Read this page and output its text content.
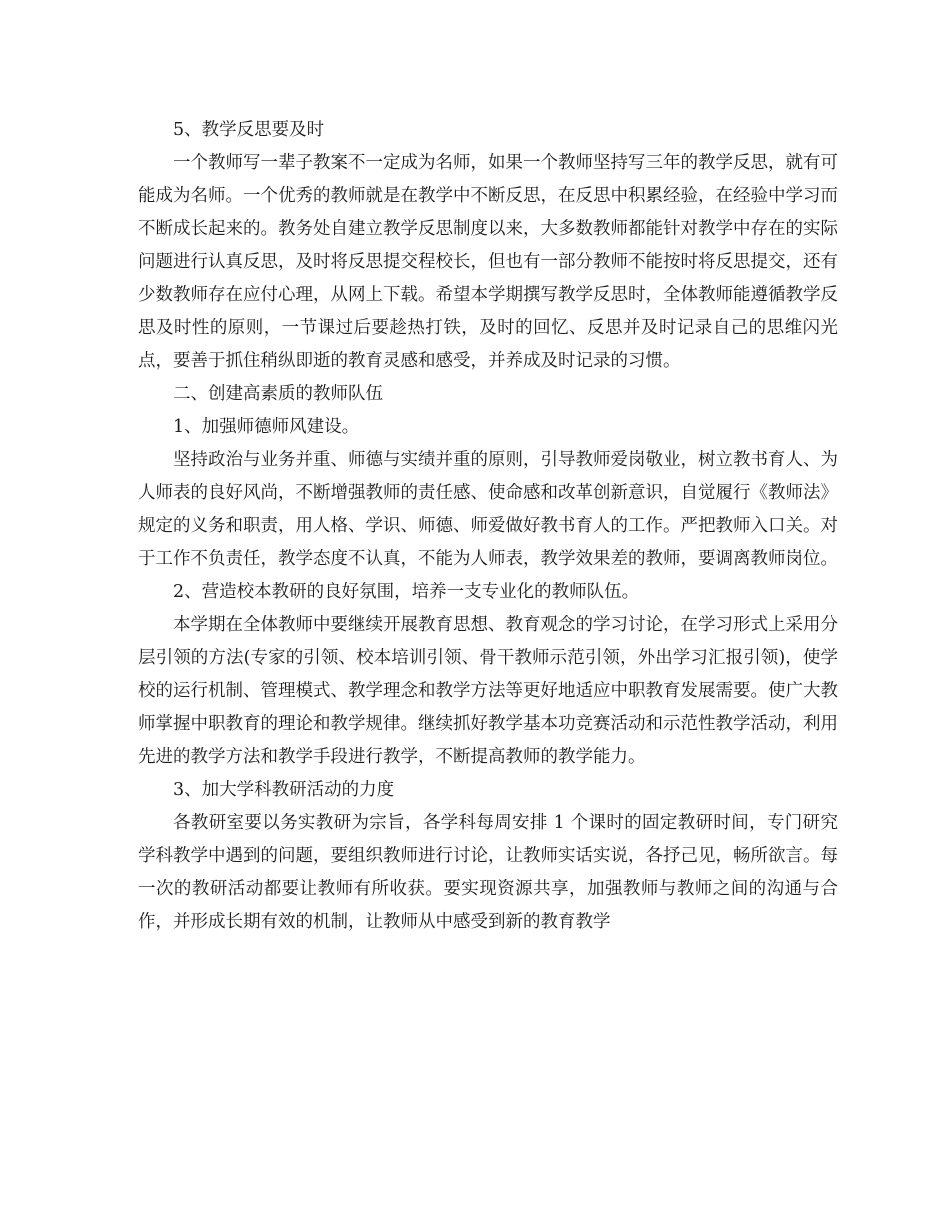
5、教学反思要及时

一个教师写一辈子教案不一定成为名师，如果一个教师坚持写三年的教学反思，就有可能成为名师。一个优秀的教师就是在教学中不断反思，在反思中积累经验，在经验中学习而不断成长起来的。教务处自建立教学反思制度以来，大多数教师都能针对教学中存在的实际问题进行认真反思，及时将反思提交程校长，但也有一部分教师不能按时将反思提交，还有少数教师存在应付心理，从网上下载。希望本学期撰写教学反思时，全体教师能遵循教学反思及时性的原则，一节课过后要趁热打铁，及时的回忆、反思并及时记录自己的思维闪光点，要善于抓住稍纵即逝的教育灵感和感受，并养成及时记录的习惯。

二、创建高素质的教师队伍

1、加强师德师风建设。

坚持政治与业务并重、师德与实绩并重的原则，引导教师爱岗敬业，树立教书育人、为人师表的良好风尚，不断增强教师的责任感、使命感和改革创新意识，自觉履行《教师法》规定的义务和职责，用人格、学识、师德、师爱做好教书育人的工作。严把教师入口关。对于工作不负责任，教学态度不认真，不能为人师表，教学效果差的教师，要调离教师岗位。

2、营造校本教研的良好氛围，培养一支专业化的教师队伍。

本学期在全体教师中要继续开展教育思想、教育观念的学习讨论，在学习形式上采用分层引领的方法(专家的引领、校本培训引领、骨干教师示范引领，外出学习汇报引领)，使学校的运行机制、管理模式、教学理念和教学方法等更好地适应中职教育发展需要。使广大教师掌握中职教育的理论和教学规律。继续抓好教学基本功竞赛活动和示范性教学活动，利用先进的教学方法和教学手段进行教学，不断提高教师的教学能力。

3、加大学科教研活动的力度

各教研室要以务实教研为宗旨，各学科每周安排 1 个课时的固定教研时间，专门研究学科教学中遇到的问题，要组织教师进行讨论，让教师实话实说，各抒己见，畅所欲言。每一次的教研活动都要让教师有所收获。要实现资源共享，加强教师与教师之间的沟通与合作，并形成长期有效的机制，让教师从中感受到新的教育教学
